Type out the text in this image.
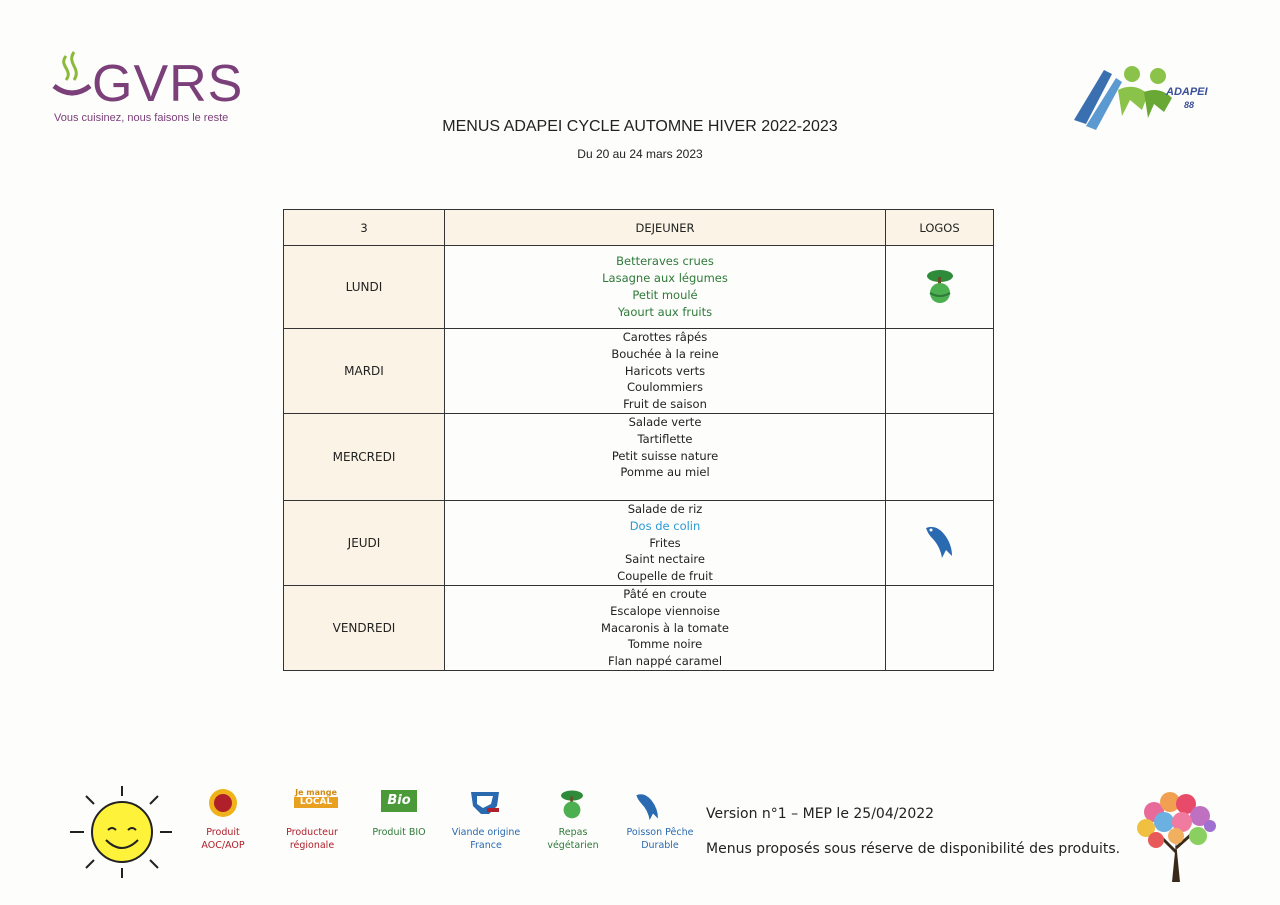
GVRS
Vous cuisinez, nous faisons le reste
ADAPEI
88
MENUS ADAPEI CYCLE AUTOMNE HIVER 2022-2023
Du 20 au 24 mars 2023
3	DEJEUNER	LOGOS
LUNDI	Betteraves crues
Lasagne aux légumes
Petit moulé
Yaourt aux fruits

MARDI	Carottes râpés
Bouchée à la reine
Haricots verts
Coulommiers
Fruit de saison	

MERCREDI	Salade verte
Tartiflette
Petit suisse nature
Pomme au miel	

JEUDI	Salade de riz
Dos de colin
Frites
Saint nectaire
Coupelle de fruit

VENDREDI	Pâté en croute
Escalope viennoise
Macaronis à la tomate
Tomme noire
Flan nappé caramel	

Produit
AOC/AOP
Je mange
LOCAL
Producteur
régionale
Bio
Produit BIO	Viande origine
France
Repas
végétarien
Poisson Pêche
Durable
Version n°1 – MEP le 25/04/2022
Menus proposés sous réserve de disponibilité des produits.
